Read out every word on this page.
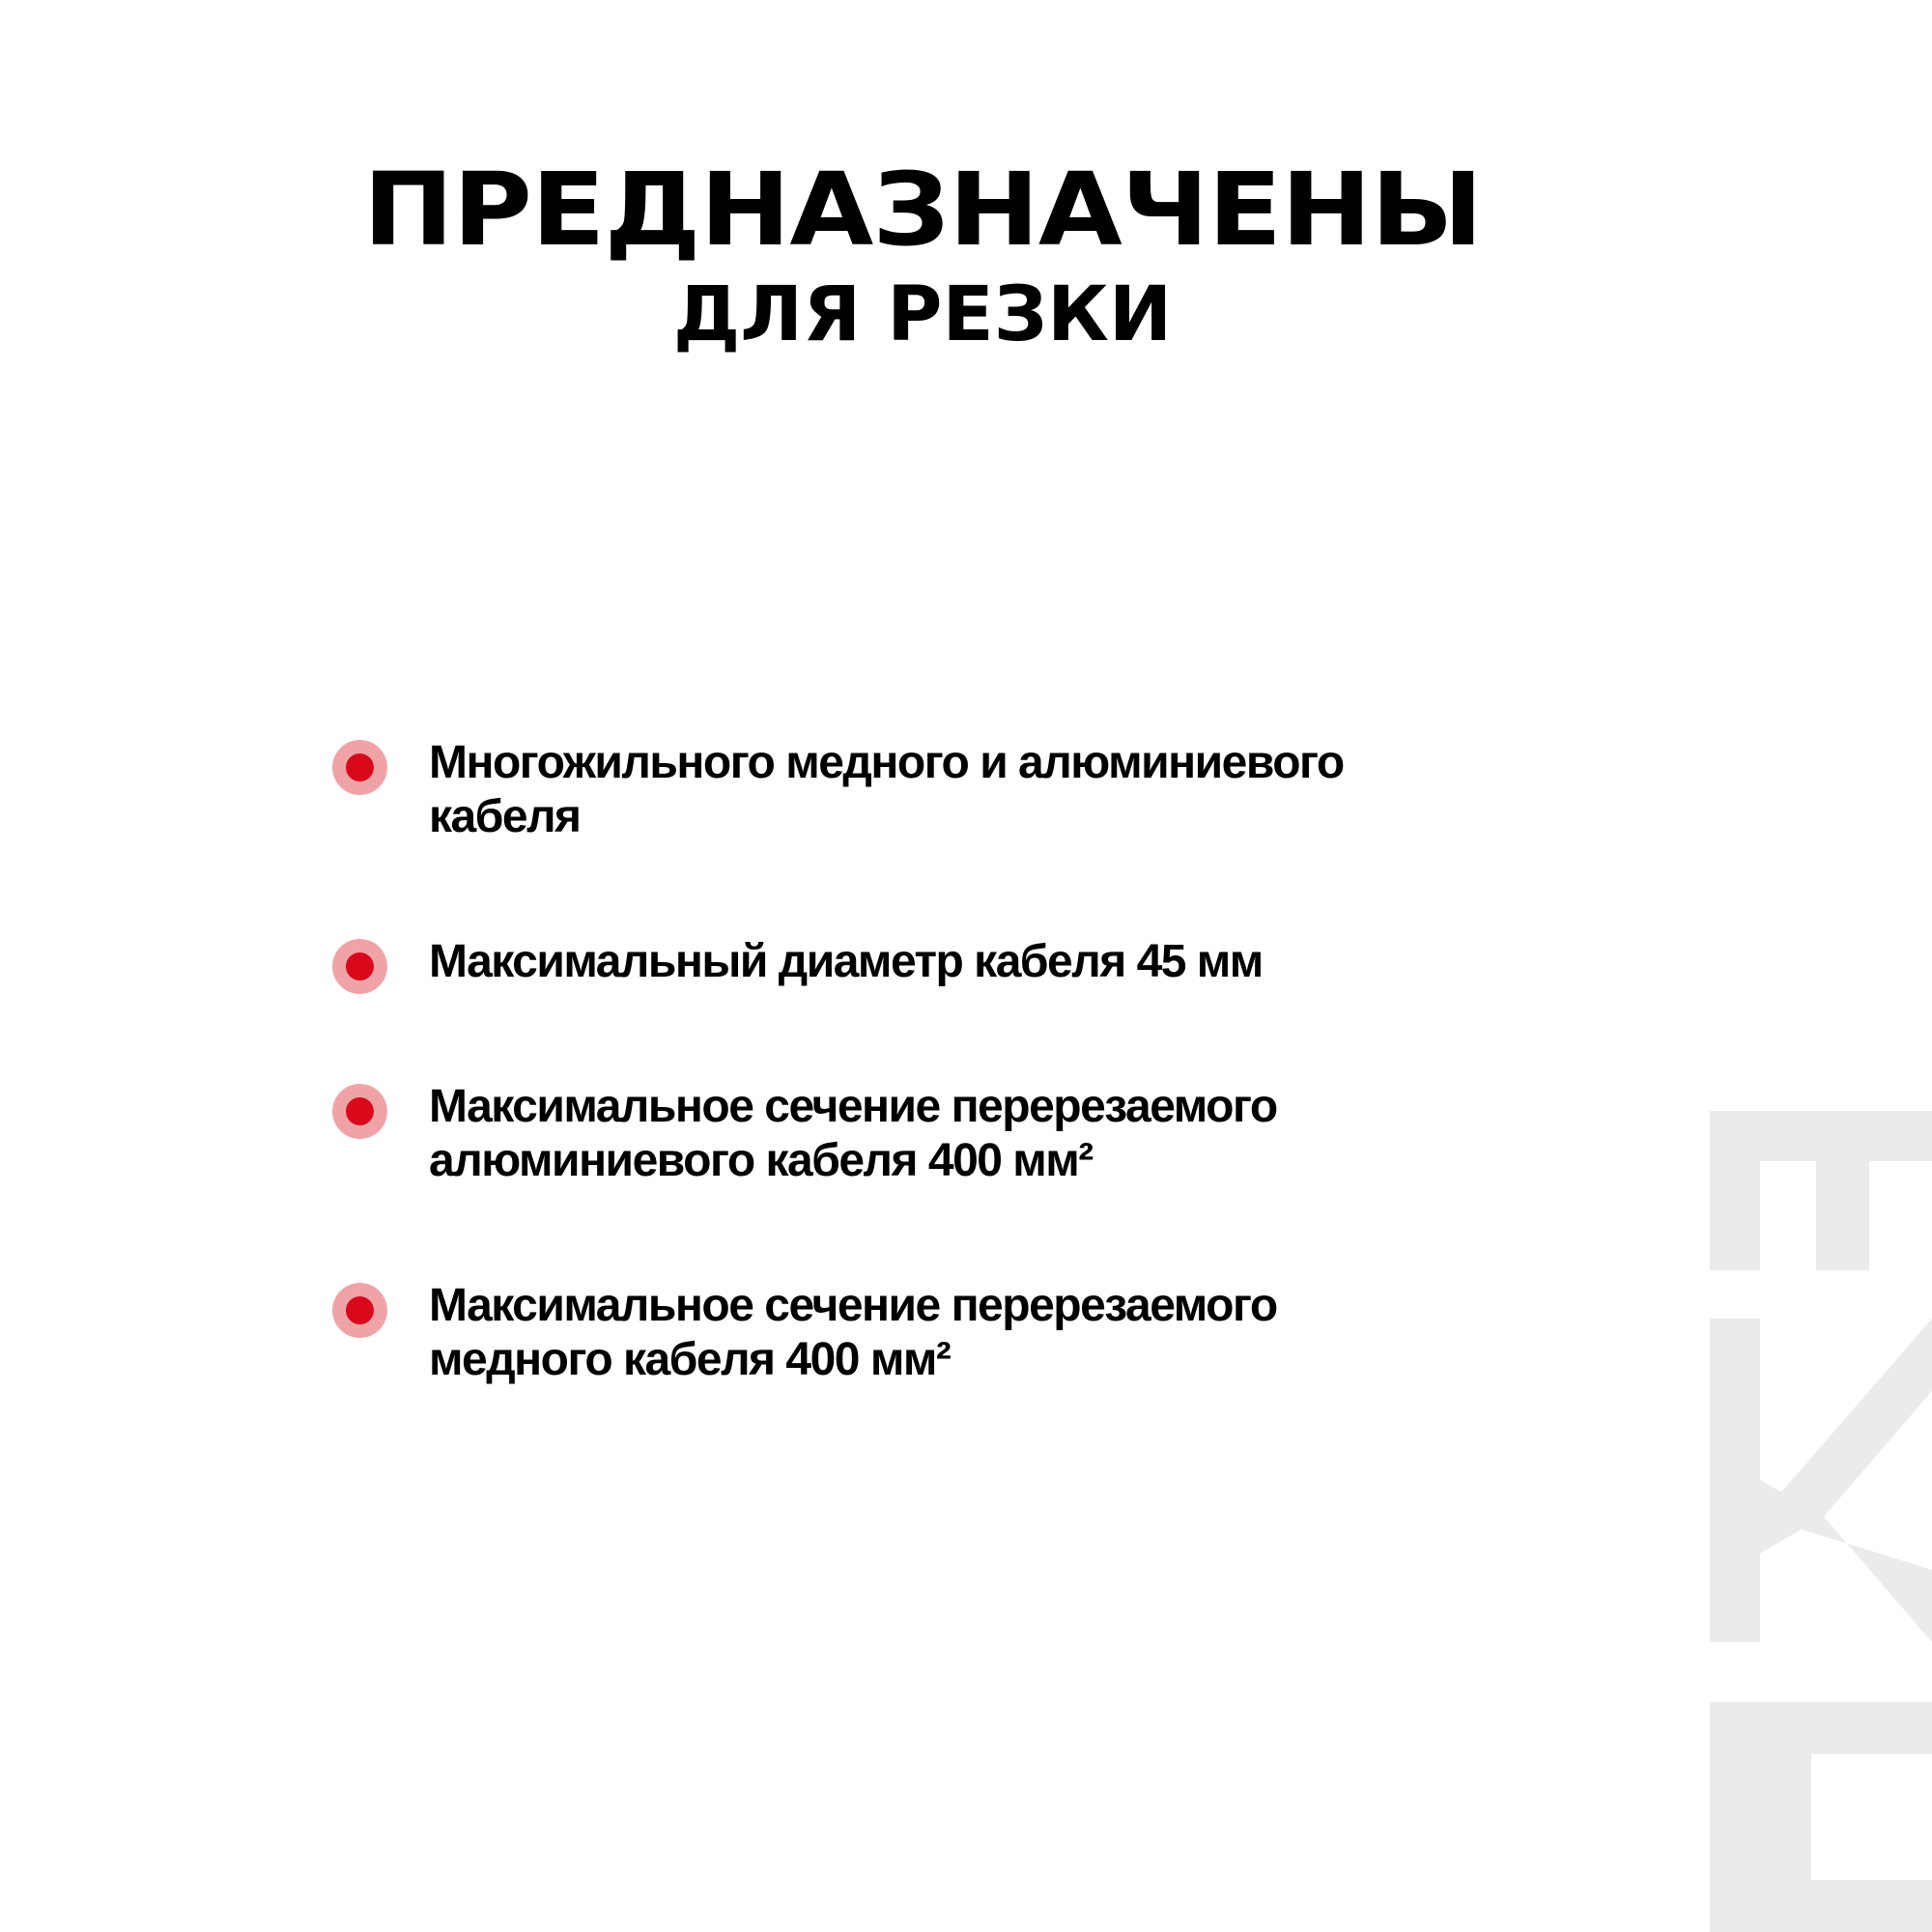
ПРЕДНАЗНАЧЕНЫ
ДЛЯ РЕЗКИ
Многожильного медного и алюминиевого
кабеля
Максимальный диаметр кабеля 45 мм
Максимальное сечение перерезаемого
алюминиевого кабеля 400 мм²
Максимальное сечение перерезаемого
медного кабеля 400 мм²
